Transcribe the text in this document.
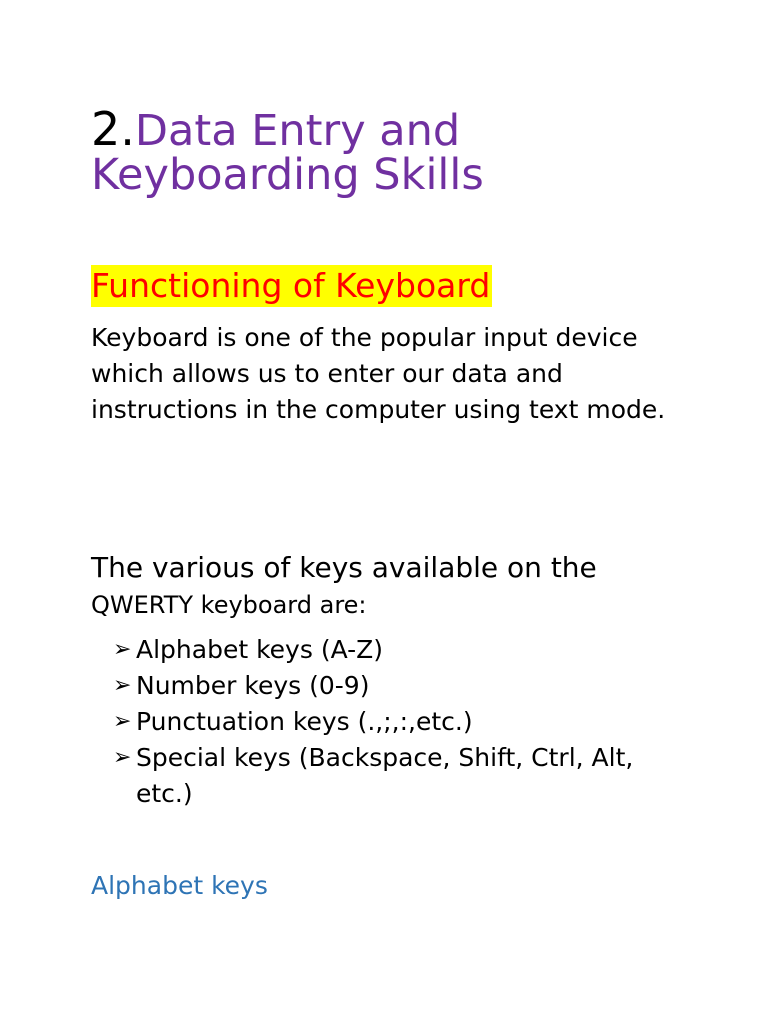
2.Data Entry and Keyboarding Skills
Functioning of Keyboard

Keyboard is one of the popular input device which allows us to enter our data and instructions in the computer using text mode.

The various of keys available on the
QWERTY keyboard are:

➢ Alphabet keys (A-Z)
➢ Number keys (0-9)
➢ Punctuation keys (.,;,:,etc.)
➢ Special keys (Backspace, Shift, Ctrl, Alt, etc.)
Alphabet keys
